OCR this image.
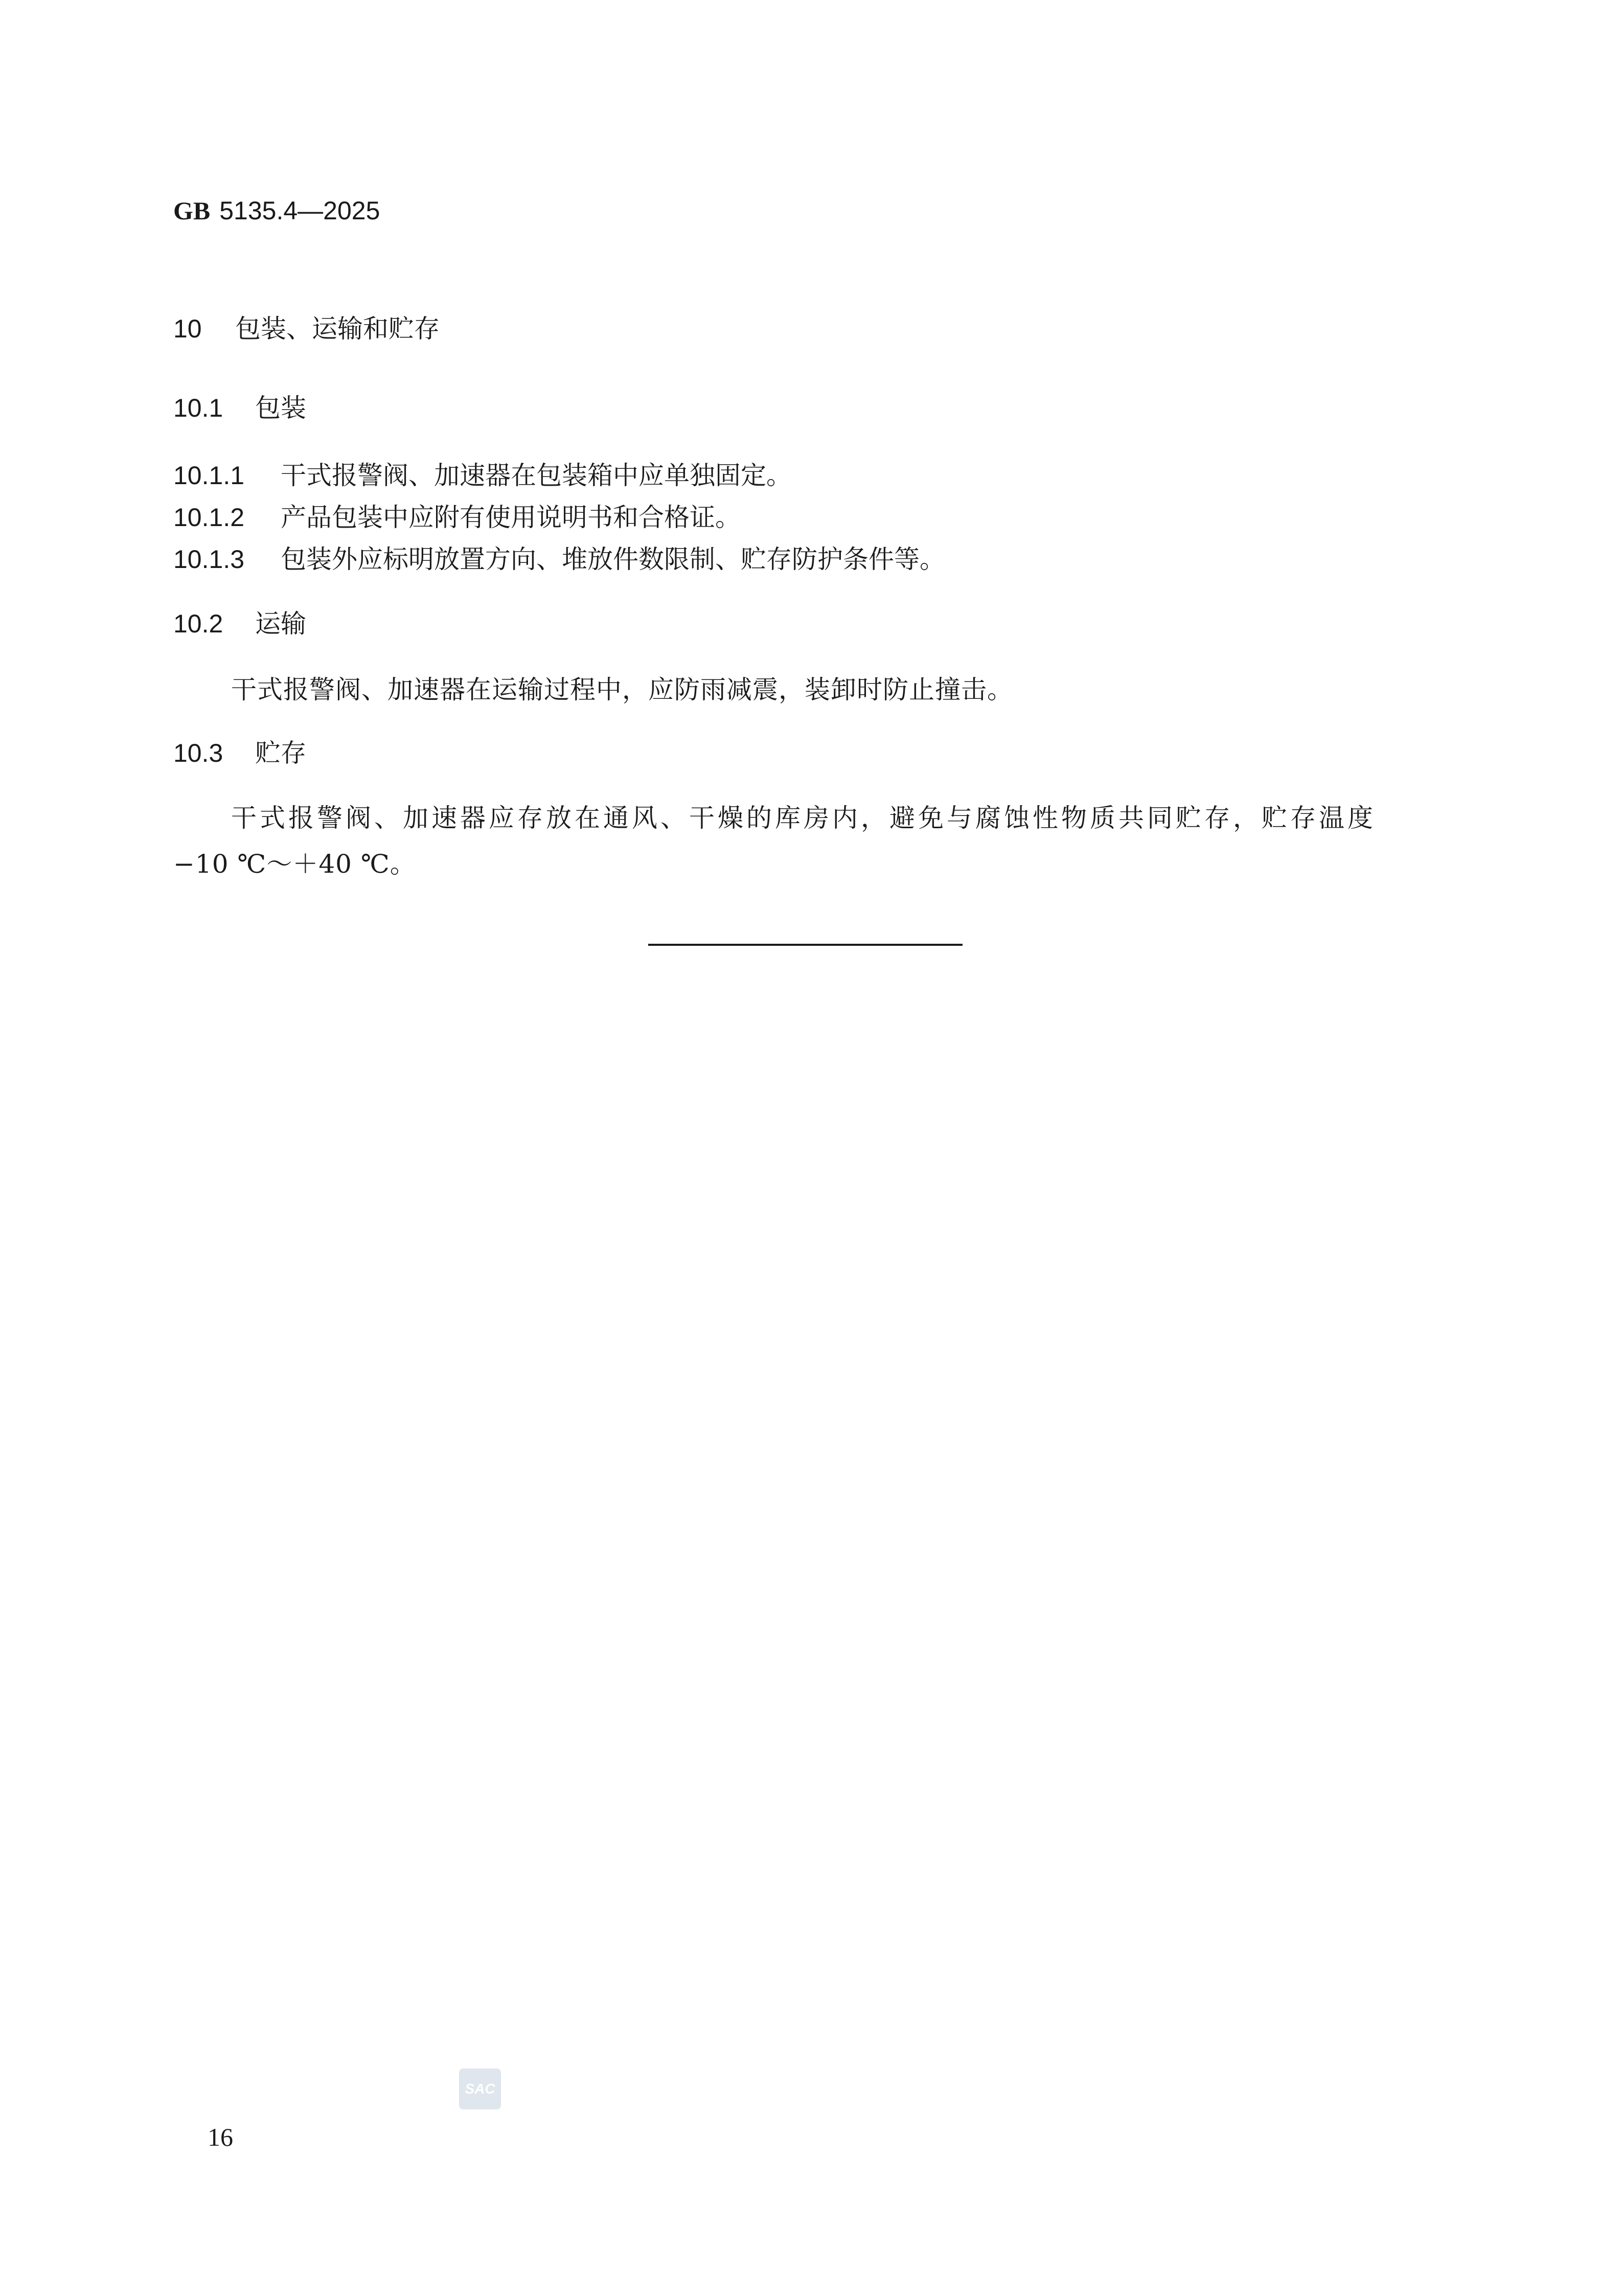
GB 5135.4—2025
10 包装、运输和贮存
10.1 包装
10.1.1 干式报警阀、加速器在包装箱中应单独固定。
10.1.2 产品包装中应附有使用说明书和合格证。
10.1.3 包装外应标明放置方向、堆放件数限制、贮存防护条件等。
10.2 运输
干式报警阀、加速器在运输过程中，应防雨减震，装卸时防止撞击。
10.3 贮存
干式报警阀、加速器应存放在通风、干燥的库房内，避免与腐蚀性物质共同贮存，贮存温度
−10 ℃～＋40 ℃。
SAC
16
